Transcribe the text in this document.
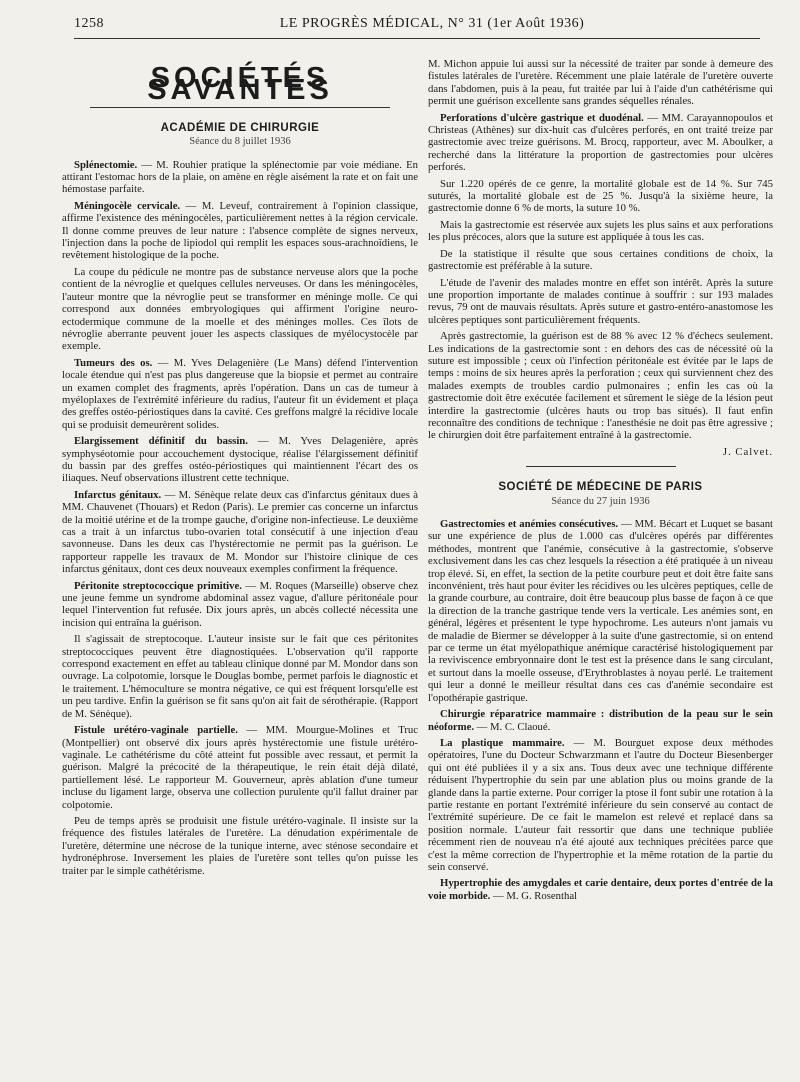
1258	LE PROGRÈS MÉDICAL, N° 31 (1er Août 1936)
SOCIÉTÉS SAVANTES
ACADÉMIE DE CHIRURGIE
Séance du 8 juillet 1936

Splénectomie. — M. Rouhier pratique la splénectomie par voie médiane. En attirant l'estomac hors de la plaie, on amène en règle aisément la rate et on fait une hémostase parfaite.

Méningocèle cervicale. — M. Leveuf, contrairement à l'opinion classique, affirme l'existence des méningocèles, particulièrement nettes à la région cervicale. Il donne comme preuves de leur nature : l'absence complète de signes nerveux, l'injection dans la poche de lipiodol qui remplit les espaces sous-arachnoïdiens, le revêtement histologique de la poche.

La coupe du pédicule ne montre pas de substance nerveuse alors que la poche contient de la névroglie et quelques cellules nerveuses. Or dans les méningocèles, l'auteur montre que la névroglie peut se transformer en méninge molle. Ce qui correspond aux données embryologiques qui affirment l'origine neuro-ectodermique commune de la moelle et des méninges molles. Ces îlots de névroglie aberrante peuvent jouer les aspects classiques de myélocystocèle par exemple.

Tumeurs des os. — M. Yves Delagenière (Le Mans) défend l'intervention locale étendue qui n'est pas plus dangereuse que la biopsie et permet au contraire un examen complet des fragments, après l'opération. Dans un cas de tumeur à myéloplaxes de l'extrémité inférieure du radius, l'auteur fit un évidement et plaça des greffes ostéo-périostiques dans la cavité. Ces greffons malgré la récidive locale qui se produisit demeurèrent solides.

Elargissement définitif du bassin. — M. Yves Delagenière, après symphyséotomie pour accouchement dystocique, réalise l'élargissement définitif du bassin par des greffes ostéo-périostiques qui maintiennent l'écart des os iliaques. Neuf observations illustrent cette technique.

Infarctus génitaux. — M. Sénèque relate deux cas d'infarctus génitaux dues à MM. Chauvenet (Thouars) et Redon (Paris). Le premier cas concerne un infarctus de la moitié utérine et de la trompe gauche, d'origine non-infectieuse. Le deuxième cas a trait à un infarctus tubo-ovarien total consécutif à une injection d'eau savonneuse. Dans les deux cas l'hystérectomie ne permit pas la guérison. Le rapporteur rappelle les travaux de M. Mondor sur l'histoire clinique de ces infarctus génitaux, dont ces deux nouveaux exemples confirment la fréquence.

Péritonite streptococcique primitive. — M. Roques (Marseille) observe chez une jeune femme un syndrome abdominal assez vague, d'allure péritonéale pour lequel l'intervention fut refusée. Dix jours après, un abcès collecté nécessita une incision qui entraîna la guérison.

Il s'agissait de streptocoque. L'auteur insiste sur le fait que ces péritonites streptococciques peuvent être diagnostiquées. L'observation qu'il rapporte correspond exactement en effet au tableau clinique donné par M. Mondor dans son ouvrage. La colpotomie, lorsque le Douglas bombe, permet parfois le diagnostic et le traitement. L'hémoculture se montra négative, ce qui est fréquent lorsqu'elle est un peu tardive. Enfin la guérison se fit sans qu'on ait fait de sérothérapie. (Rapport de M. Sénèque).

Fistule urétéro-vaginale partielle. — MM. Mourgue-Molines et Truc (Montpellier) ont observé dix jours après hystérectomie une fistule urétéro-vaginale. Le cathétérisme du côté atteint fut possible avec ressaut, et permit la guérison. Malgré la précocité de la thérapeutique, le rein était déjà dilaté, partiellement lésé. Le rapporteur M. Gouverneur, après ablation d'une tumeur incluse du ligament large, observa une collection purulente qu'il fallut drainer par colpotomie.

Peu de temps après se produisit une fistule urétéro-vaginale. Il insiste sur la fréquence des fistules latérales de l'uretère. La dénudation expérimentale de l'uretère, détermine une nécrose de la tunique interne, avec sténose secondaire et hydronéphrose. Inversement les plaies de l'uretère sont telles qu'on puisse les traiter par le simple cathétérisme.

M. Michon appuie lui aussi sur la nécessité de traiter par sonde à demeure des fistules latérales de l'uretère. Récemment une plaie latérale de l'uretère ouverte dans l'abdomen, puis à la peau, fut traitée par lui à l'aide d'un cathétérisme qui permit une guérison excellente sans grandes séquelles rénales.

Perforations d'ulcère gastrique et duodénal. — MM. Carayannopoulos et Christeas (Athènes) sur dix-huit cas d'ulcères perforés, en ont traité treize par gastrectomie avec treize guérisons. M. Brocq, rapporteur, avec M. Aboulker, a recherché dans la littérature la proportion de gastrectomies pour ulcères perforés.

Sur 1.220 opérés de ce genre, la mortalité globale est de 14 %. Sur 745 suturés, la mortalité globale est de 25 %. Jusqu'à la sixième heure, la gastrectomie donne 6 % de morts, la suture 10 %.

Mais la gastrectomie est réservée aux sujets les plus sains et aux perforations les plus précoces, alors que la suture est appliquée à tous les cas.

De la statistique il résulte que sous certaines conditions de choix, la gastrectomie est préférable à la suture.

L'étude de l'avenir des malades montre en effet son intérêt. Après la suture une proportion importante de malades continue à souffrir : sur 193 malades revus, 79 ont de mauvais résultats. Après suture et gastro-entéro-anastomose les ulcères peptiques sont particulièrement fréquents.

Après gastrectomie, la guérison est de 88 % avec 12 % d'échecs seulement. Les indications de la gastrectomie sont : en dehors des cas de nécessité où la suture est impossible ; ceux où l'infection péritonéale est évitée par le laps de temps : moins de six heures après la perforation ; ceux qui surviennent chez des malades exempts de troubles cardio pulmonaires ; enfin les cas où la gastrectomie doit être exécutée facilement et sûrement le siège de la lésion peut interdire la gastrectomie (ulcères hauts ou trop bas situés). Il faut enfin reconnaître des conditions de technique : l'anesthésie ne doit pas être agressive ; le chirurgien doit être parfaitement entraîné à la gastrectomie.

J. Calvet.

SOCIÉTÉ DE MÉDECINE DE PARIS
Séance du 27 juin 1936

Gastrectomies et anémies consécutives. — MM. Bécart et Luquet se basant sur une expérience de plus de 1.000 cas d'ulcères opérés par différentes méthodes, montrent que l'anémie, consécutive à la gastrectomie, s'observe exclusivement dans les cas chez lesquels la résection a été pratiquée à un niveau trop élevé. Si, en effet, la section de la petite courbure peut et doit être faite sans inconvénient, très haut pour éviter les récidives ou les ulcères peptiques, celle de la grande courbure, au contraire, doit être beaucoup plus basse de façon à ce que la direction de la tranche gastrique tende vers la verticale. Les anémies sont, en général, légères et présentent le type hypochrome. Les auteurs n'ont jamais vu de maladie de Biermer se développer à la suite d'une gastrectomie, si on entend par ce terme un état myélopathique anémique caractérisé histologiquement par la reviviscence embryonnaire dont le test est la présence dans le sang circulant, et surtout dans la moelle osseuse, d'Erythroblastes à noyau perlé. Le traitement qui leur a donné le meilleur résultat dans ces cas d'anémie secondaire est l'opothérapie gastrique.

Chirurgie réparatrice mammaire : distribution de la peau sur le sein néoforme. — M. C. Claoué.

La plastique mammaire. — M. Bourguet expose deux méthodes opératoires, l'une du Docteur Schwarzmann et l'autre du Docteur Biesenberger qui ont été publiées il y a six ans. Tous deux avec une technique différente réduisent l'hypertrophie du sein par une ablation plus ou moins grande de la glande dans la partie externe. Pour corriger la ptose il font subir une rotation à la partie restante en portant l'extrémité inférieure du sein conservé au contact de l'extrémité supérieure. De ce fait le mamelon est relevé et replacé dans sa position normale. L'auteur fait ressortir que dans une technique publiée récemment rien de nouveau n'a été ajouté aux techniques précitées parce que c'est la même correction de l'hypertrophie et la même rotation de la partie du sein conservé.

Hypertrophie des amygdales et carie dentaire, deux portes d'entrée de la voie morbide. — M. G. Rosenthal
